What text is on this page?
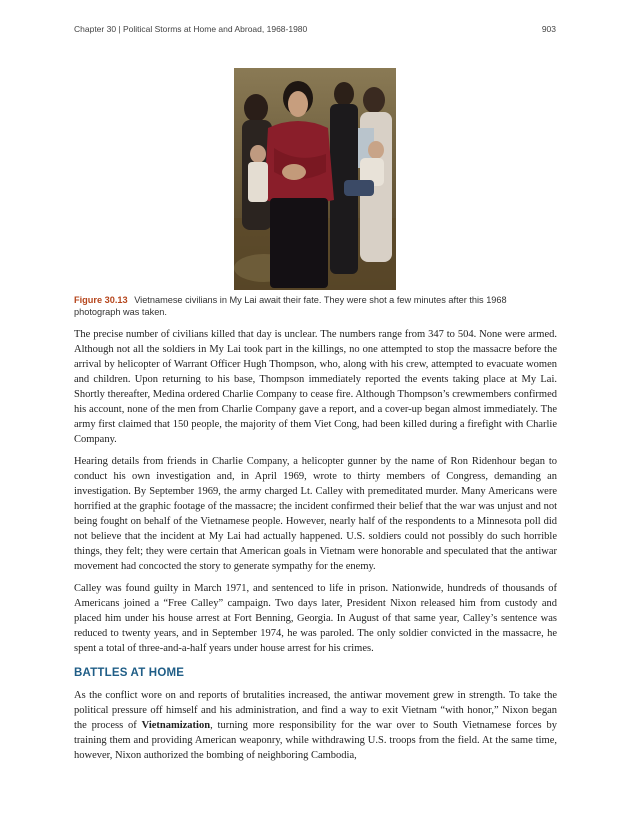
Chapter 30 | Political Storms at Home and Abroad, 1968-1980	903
Figure 30.13 Vietnamese civilians in My Lai await their fate. They were shot a few minutes after this 1968 photograph was taken.

The precise number of civilians killed that day is unclear. The numbers range from 347 to 504. None were armed. Although not all the soldiers in My Lai took part in the killings, no one attempted to stop the massacre before the arrival by helicopter of Warrant Officer Hugh Thompson, who, along with his crew, attempted to evacuate women and children. Upon returning to his base, Thompson immediately reported the events taking place at My Lai. Shortly thereafter, Medina ordered Charlie Company to cease fire. Although Thompson’s crewmembers confirmed his account, none of the men from Charlie Company gave a report, and a cover-up began almost immediately. The army first claimed that 150 people, the majority of them Viet Cong, had been killed during a firefight with Charlie Company.

Hearing details from friends in Charlie Company, a helicopter gunner by the name of Ron Ridenhour began to conduct his own investigation and, in April 1969, wrote to thirty members of Congress, demanding an investigation. By September 1969, the army charged Lt. Calley with premeditated murder. Many Americans were horrified at the graphic footage of the massacre; the incident confirmed their belief that the war was unjust and not being fought on behalf of the Vietnamese people. However, nearly half of the respondents to a Minnesota poll did not believe that the incident at My Lai had actually happened. U.S. soldiers could not possibly do such horrible things, they felt; they were certain that American goals in Vietnam were honorable and speculated that the antiwar movement had concocted the story to generate sympathy for the enemy.

Calley was found guilty in March 1971, and sentenced to life in prison. Nationwide, hundreds of thousands of Americans joined a “Free Calley” campaign. Two days later, President Nixon released him from custody and placed him under his house arrest at Fort Benning, Georgia. In August of that same year, Calley’s sentence was reduced to twenty years, and in September 1974, he was paroled. The only soldier convicted in the massacre, he spent a total of three-and-a-half years under house arrest for his crimes.

BATTLES AT HOME

As the conflict wore on and reports of brutalities increased, the antiwar movement grew in strength. To take the political pressure off himself and his administration, and find a way to exit Vietnam “with honor,” Nixon began the process of Vietnamization, turning more responsibility for the war over to South Vietnamese forces by training them and providing American weaponry, while withdrawing U.S. troops from the field. At the same time, however, Nixon authorized the bombing of neighboring Cambodia,
